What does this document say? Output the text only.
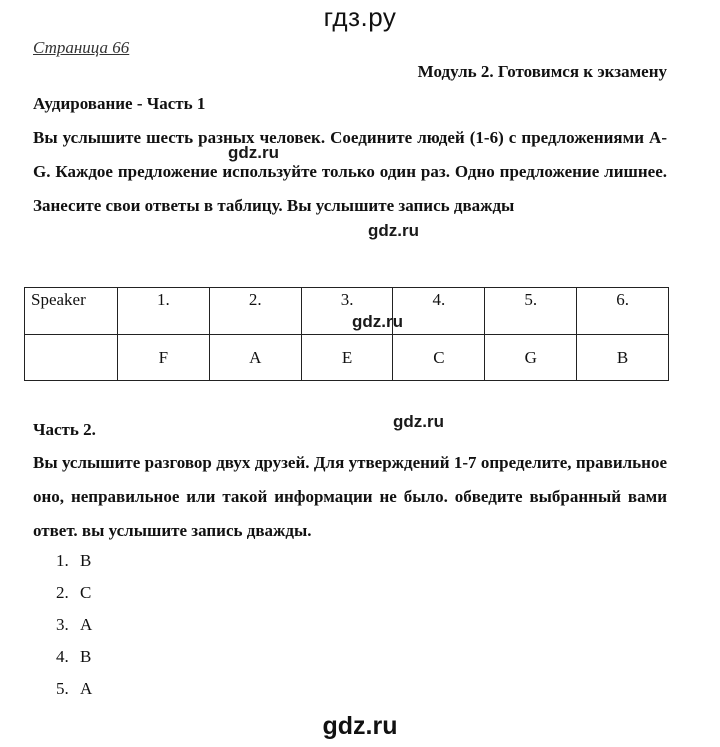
гдз.ру
Страница 66
Модуль 2. Готовимся к экзамену
Аудирование - Часть 1
Вы услышите шесть разных человек. Соедините людей (1-6) с предложениями A-G. Каждое предложение используйте только один раз. Одно предложение лишнее. Занесите свои ответы в таблицу. Вы услышите запись дважды
gdz.ru
gdz.ru
Speaker	1.	2.	3.	4.	5.	6.
	F	A	E	C	G	B
gdz.ru
Часть 2.	gdz.ru
Вы услышите разговор двух друзей. Для утверждений 1-7 определите, правильное оно, неправильное или такой информации не было. обведите выбранный вами ответ. вы услышите запись дважды.
1. B
2. C
3. A
4. B
5. A
gdz.ru
